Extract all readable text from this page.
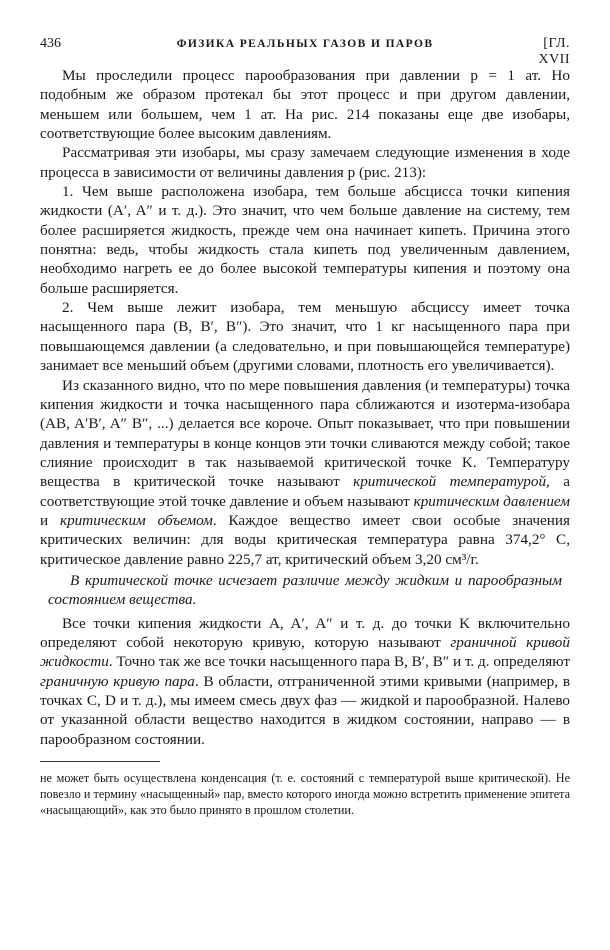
436	ФИЗИКА РЕАЛЬНЫХ ГАЗОВ И ПАРОВ	[ГЛ. XVII

Мы проследили процесс парообразования при давлении p = 1 ат. Но подобным же образом протекал бы этот процесс и при другом давлении, меньшем или большем, чем 1 ат. На рис. 214 показаны еще две изобары, соответствующие более высоким давлениям.

Рассматривая эти изобары, мы сразу замечаем следующие изменения в ходе процесса в зависимости от величины давления p (рис. 213):

1. Чем выше расположена изобара, тем больше абсцисса точки кипения жидкости (A′, A″ и т. д.). Это значит, что чем больше давление на систему, тем более расширяется жидкость, прежде чем она начинает кипеть. Причина этого понятна: ведь, чтобы жидкость стала кипеть под увеличенным давлением, необходимо нагреть ее до более высокой температуры кипения и поэтому она больше расширяется.

2. Чем выше лежит изобара, тем меньшую абсциссу имеет точка насыщенного пара (B, B′, B″). Это значит, что 1 кг насыщенного пара при повышающемся давлении (а следовательно, и при повышающейся температуре) занимает все меньший объем (другими словами, плотность его увеличивается).

Из сказанного видно, что по мере повышения давления (и температуры) точка кипения жидкости и точка насыщенного пара сближаются и изотерма-изобара (AB, A′B′, A″ B″, ...) делается все короче. Опыт показывает, что при повышении давления и температуры в конце концов эти точки сливаются между собой; такое слияние происходит в так называемой критической точке K. Температуру вещества в критической точке называют критической температурой, а соответствующие этой точке давление и объем называют критическим давлением и критическим объемом. Каждое вещество имеет свои особые значения критических величин: для воды критическая температура равна 374,2° C, критическое давление равно 225,7 ат, критический объем 3,20 см³/г.

В критической точке исчезает различие между жидким и парообразным состоянием вещества.

Все точки кипения жидкости A, A′, A″ и т. д. до точки K включительно определяют собой некоторую кривую, которую называют граничной кривой жидкости. Точно так же все точки насыщенного пара B, B′, B″ и т. д. определяют граничную кривую пара. В области, отграниченной этими кривыми (например, в точках C, D и т. д.), мы имеем смесь двух фаз — жидкой и парообразной. Налево от указанной области вещество находится в жидком состоянии, направо — в парообразном состоянии.

не может быть осуществлена конденсация (т. е. состояний с температурой выше критической). Не повезло и термину «насыщенный» пар, вместо которого иногда можно встретить применение эпитета «насыщающий», как это было принято в прошлом столетии.
